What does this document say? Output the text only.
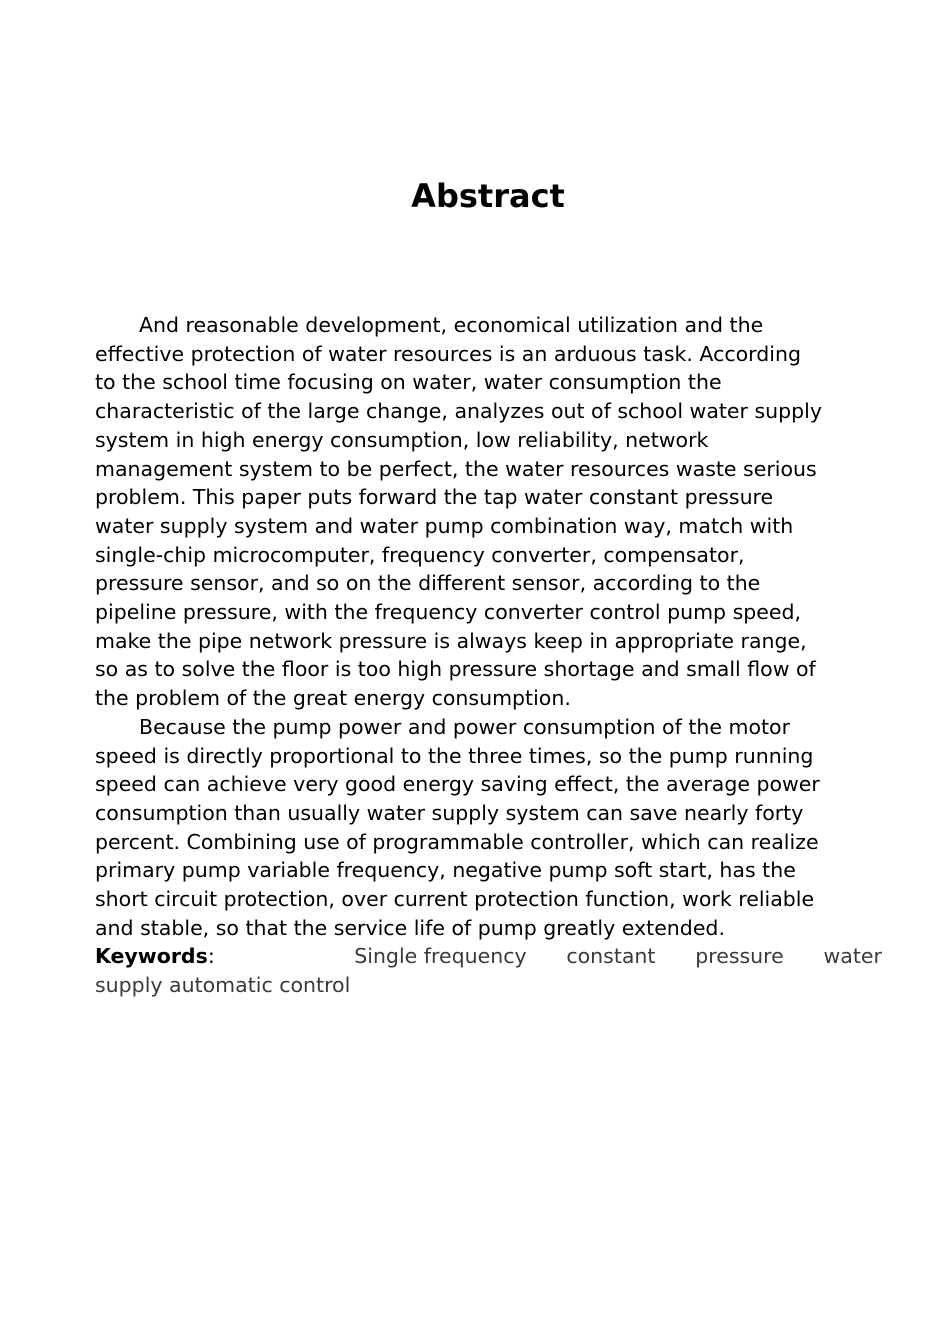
Abstract
And reasonable development, economical utilization and the
effective protection of water resources is an arduous task. According
to the school time focusing on water, water consumption the
characteristic of the large change, analyzes out of school water supply
system in high energy consumption, low reliability, network
management system to be perfect, the water resources waste serious
problem. This paper puts forward the tap water constant pressure
water supply system and water pump combination way, match with
single-chip microcomputer, frequency converter, compensator,
pressure sensor, and so on the different sensor, according to the
pipeline pressure, with the frequency converter control pump speed,
make the pipe network pressure is always keep in appropriate range,
so as to solve the floor is too high pressure shortage and small flow of
the problem of the great energy consumption.
Because the pump power and power consumption of the motor
speed is directly proportional to the three times, so the pump running
speed can achieve very good energy saving effect, the average power
consumption than usually water supply system can save nearly forty
percent. Combining use of programmable controller, which can realize
primary pump variable frequency, negative pump soft start, has the
short circuit protection, over current protection function, work reliable
and stable, so that the service life of pump greatly extended.
Keywords:	Single frequency constant pressure water
supply automatic control
